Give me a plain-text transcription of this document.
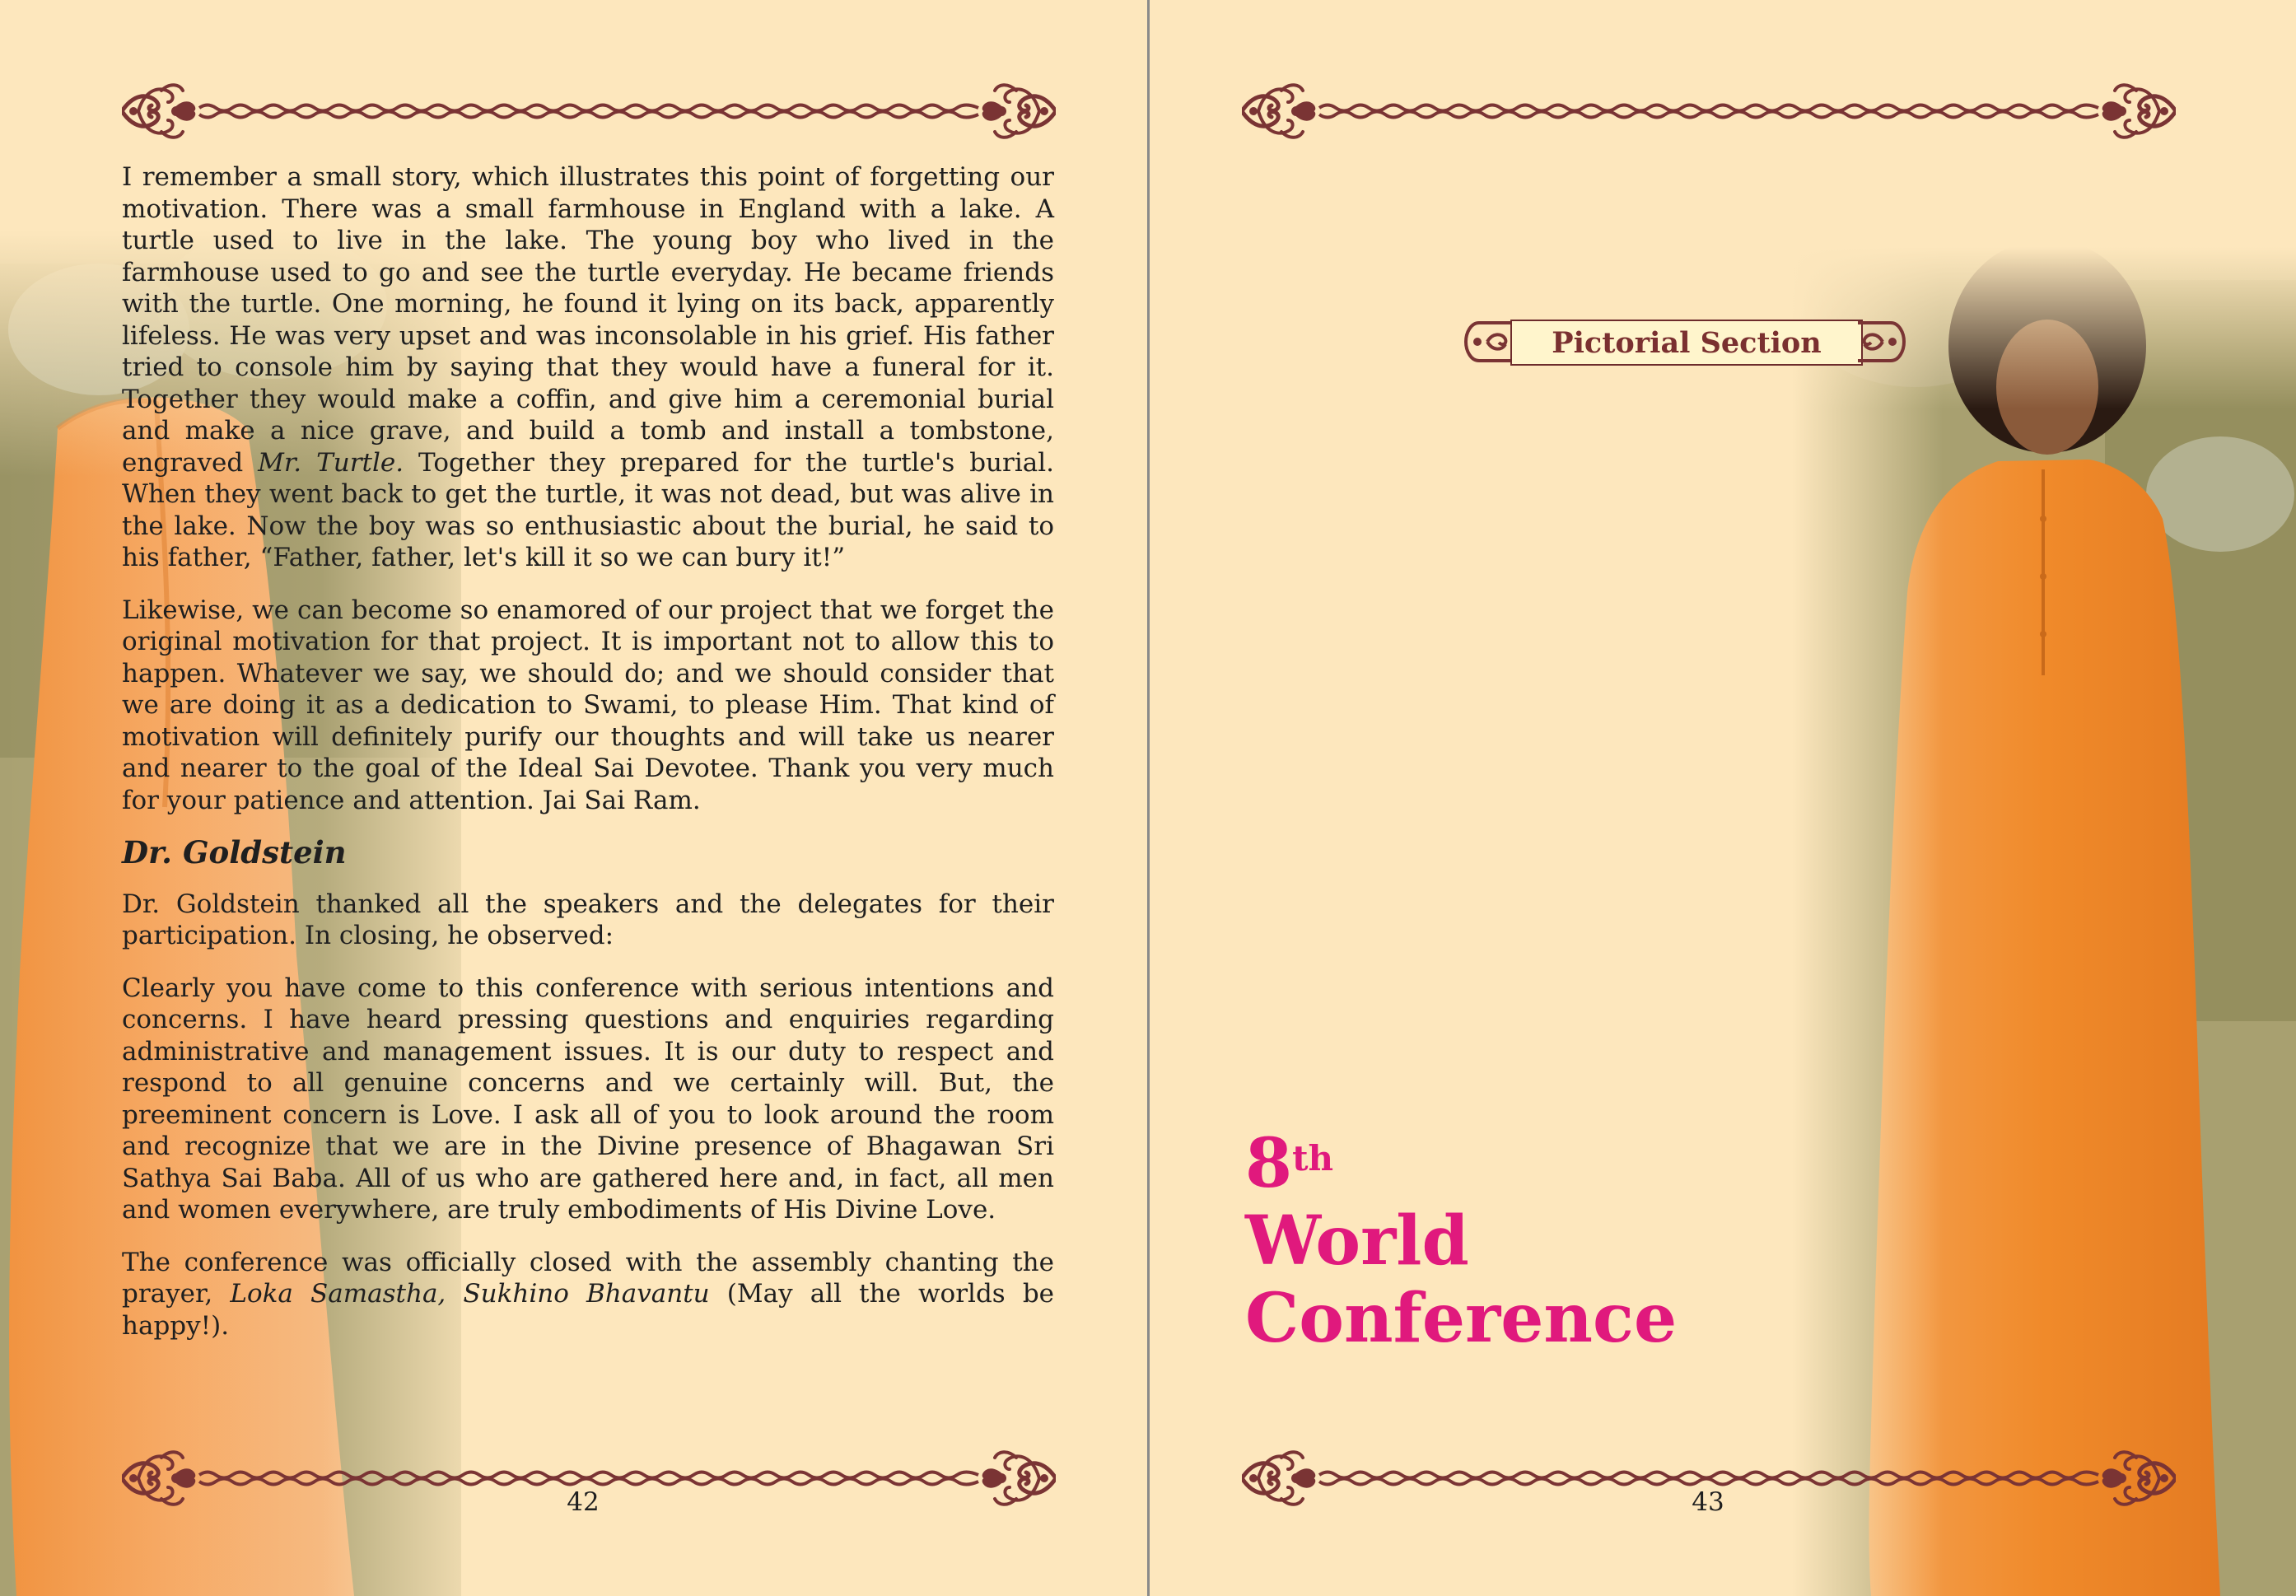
I remember a small story, which illustrates this point of forgetting our motivation. There was a small farmhouse in England with a lake. A turtle used to live in the lake. The young boy who lived in the farmhouse used to go and see the turtle everyday. He became friends with the turtle. One morning, he found it lying on its back, apparently lifeless. He was very upset and was inconsolable in his grief. His father tried to console him by saying that they would have a funeral for it. Together they would make a coffin, and give him a ceremonial burial and make a nice grave, and build a tomb and install a tombstone, engraved Mr. Turtle. Together they prepared for the turtle's burial. When they went back to get the turtle, it was not dead, but was alive in the lake. Now the boy was so enthusiastic about the burial, he said to his father, “Father, father, let's kill it so we can bury it!”

Likewise, we can become so enamored of our project that we forget the original motivation for that project. It is important not to allow this to happen. Whatever we say, we should do; and we should consider that we are doing it as a dedication to Swami, to please Him. That kind of motivation will definitely purify our thoughts and will take us nearer and nearer to the goal of the Ideal Sai Devotee. Thank you very much for your patience and attention. Jai Sai Ram.

Dr. Goldstein

Dr. Goldstein thanked all the speakers and the delegates for their participation. In closing, he observed:

Clearly you have come to this conference with serious intentions and concerns. I have heard pressing questions and enquiries regarding administrative and management issues. It is our duty to respect and respond to all genuine concerns and we certainly will. But, the preeminent concern is Love. I ask all of you to look around the room and recognize that we are in the Divine presence of Bhagawan Sri Sathya Sai Baba. All of us who are gathered here and, in fact, all men and women everywhere, are truly embodiments of His Divine Love.

The conference was officially closed with the assembly chanting the prayer, Loka Samastha, Sukhino Bhavantu (May all the worlds be happy!).

42
Pictorial Section
8th
World
Conference
43
